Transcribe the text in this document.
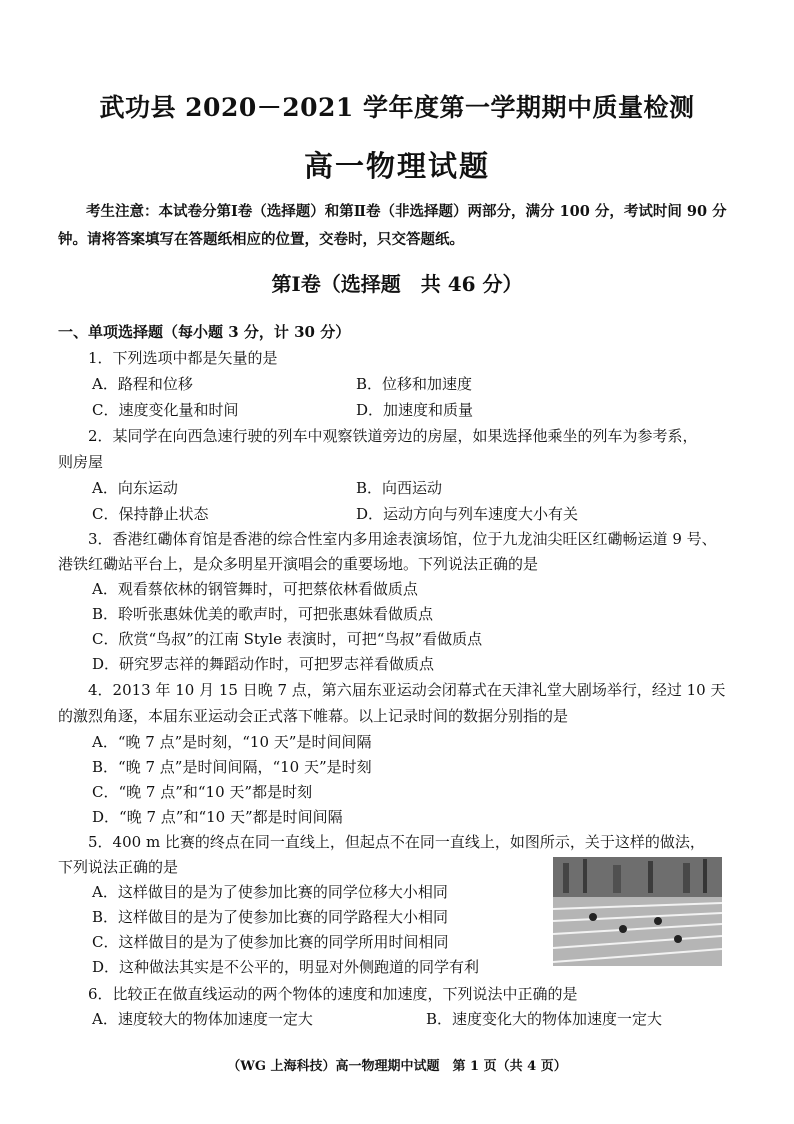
武功县 2020－2021 学年度第一学期期中质量检测
高一物理试题
考生注意：本试卷分第Ⅰ卷（选择题）和第Ⅱ卷（非选择题）两部分，满分 100 分，考试时间 90 分钟。请将答案填写在答题纸相应的位置，交卷时，只交答题纸。
第Ⅰ卷（选择题　共 46 分）
一、单项选择题（每小题 3 分，计 30 分）
1．下列选项中都是矢量的是
A．路程和位移	B．位移和加速度
C．速度变化量和时间	D．加速度和质量
2．某同学在向西急速行驶的列车中观察铁道旁边的房屋，如果选择他乘坐的列车为参考系，
则房屋
A．向东运动	B．向西运动
C．保持静止状态	D．运动方向与列车速度大小有关
3．香港红磡体育馆是香港的综合性室内多用途表演场馆，位于九龙油尖旺区红磡畅运道 9 号、
港铁红磡站平台上，是众多明星开演唱会的重要场地。下列说法正确的是
A．观看蔡依林的钢管舞时，可把蔡依林看做质点
B．聆听张惠妹优美的歌声时，可把张惠妹看做质点
C．欣赏“鸟叔”的江南 Style 表演时，可把“鸟叔”看做质点
D．研究罗志祥的舞蹈动作时，可把罗志祥看做质点
4．2013 年 10 月 15 日晚 7 点，第六届东亚运动会闭幕式在天津礼堂大剧场举行，经过 10 天
的激烈角逐，本届东亚运动会正式落下帷幕。以上记录时间的数据分别指的是
A．“晚 7 点”是时刻，“10 天”是时间间隔
B．“晚 7 点”是时间间隔，“10 天”是时刻
C．“晚 7 点”和“10 天”都是时刻
D．“晚 7 点”和“10 天”都是时间间隔
5．400 m 比赛的终点在同一直线上，但起点不在同一直线上，如图所示，关于这样的做法，
下列说法正确的是
A．这样做目的是为了使参加比赛的同学位移大小相同
B．这样做目的是为了使参加比赛的同学路程大小相同
C．这样做目的是为了使参加比赛的同学所用时间相同
D．这种做法其实是不公平的，明显对外侧跑道的同学有利
6．比较正在做直线运动的两个物体的速度和加速度，下列说法中正确的是
A．速度较大的物体加速度一定大	B．速度变化大的物体加速度一定大
（WG 上海科技）高一物理期中试题　第 1 页（共 4 页）
